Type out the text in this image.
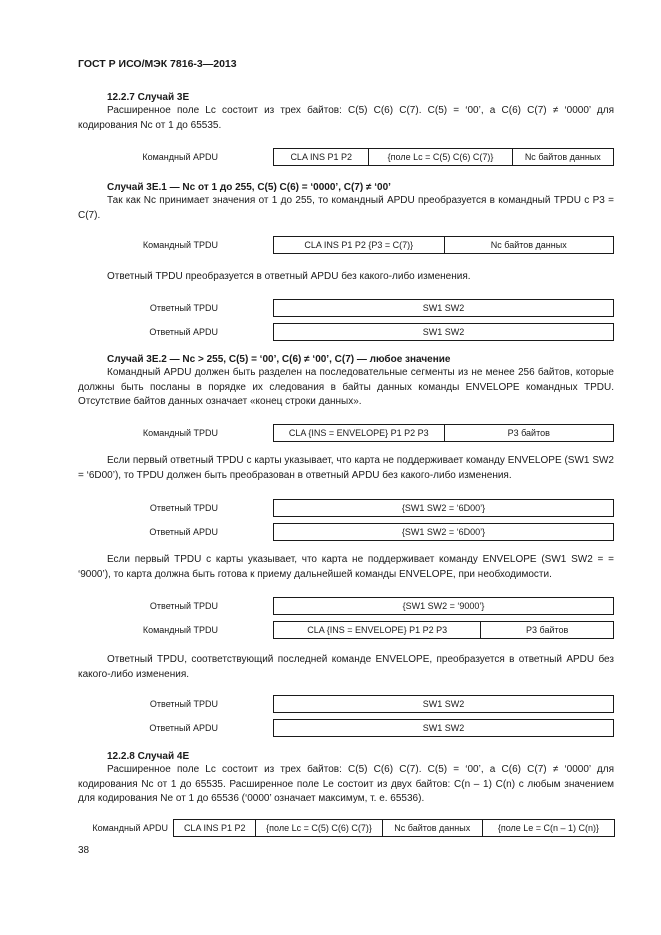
ГОСТ Р ИСО/МЭК 7816-3—2013
12.2.7 Случай 3E
Расширенное поле Lc состоит из трех байтов: C(5) C(6) C(7). C(5) = ‘00’, а C(6) C(7) ≠ ‘0000’ для кодирования Nc от 1 до 65535.
Командный APDU	CLA INS P1 P2	{поле Lc = C(5) C(6) C(7)}	Nc байтов данных
Случай 3E.1 — Nc от 1 до 255, C(5) C(6) = ‘0000’, C(7) ≠ ‘00’
Так как Nc принимает значения от 1 до 255, то командный APDU преобразуется в командный TPDU с P3 = C(7).
Командный TPDU	CLA INS P1 P2 {P3 = C(7)}	Nc байтов данных
Ответный TPDU преобразуется в ответный APDU без какого-либо изменения.
Ответный TPDU	SW1 SW2
Ответный APDU	SW1 SW2
Случай 3E.2 — Nc > 255, C(5) = ‘00’, C(6) ≠ ‘00’, C(7) — любое значение
Командный APDU должен быть разделен на последовательные сегменты из не менее 256 байтов, которые должны быть посланы в порядке их следования в байты данных команды ENVELOPE командных TPDU. Отсутствие байтов данных означает «конец строки данных».
Командный TPDU	CLA {INS = ENVELOPE} P1 P2 P3	P3 байтов
Если первый ответный TPDU с карты указывает, что карта не поддерживает команду ENVELOPE (SW1 SW2 = ‘6D00’), то TPDU должен быть преобразован в ответный APDU без какого-либо изменения.
Ответный TPDU	{SW1 SW2 = ‘6D00’}
Ответный APDU	{SW1 SW2 = ‘6D00’}
Если первый TPDU с карты указывает, что карта не поддерживает команду ENVELOPE (SW1 SW2 = = ‘9000’), то карта должна быть готова к приему дальнейшей команды ENVELOPE, при необходимости.
Ответный TPDU	{SW1 SW2 = ‘9000’}
Командный TPDU	CLA {INS = ENVELOPE} P1 P2 P3	P3 байтов
Ответный TPDU, соответствующий последней команде ENVELOPE, преобразуется в ответный APDU без какого-либо изменения.
Ответный TPDU	SW1 SW2
Ответный APDU	SW1 SW2
12.2.8 Случай 4E
Расширенное поле Lc состоит из трех байтов: C(5) C(6) C(7). C(5) = ‘00’, а C(6) C(7) ≠ ‘0000’ для кодирования Nc от 1 до 65535. Расширенное поле Le состоит из двух байтов: C(n – 1) C(n) с любым значением для кодирования Ne от 1 до 65536 (‘0000’ означает максимум, т. е. 65536).
Командный APDU	CLA INS P1 P2	{поле Lc = C(5) C(6) C(7)}	Nc байтов данных	{поле Le = C(n – 1) C(n)}
38
